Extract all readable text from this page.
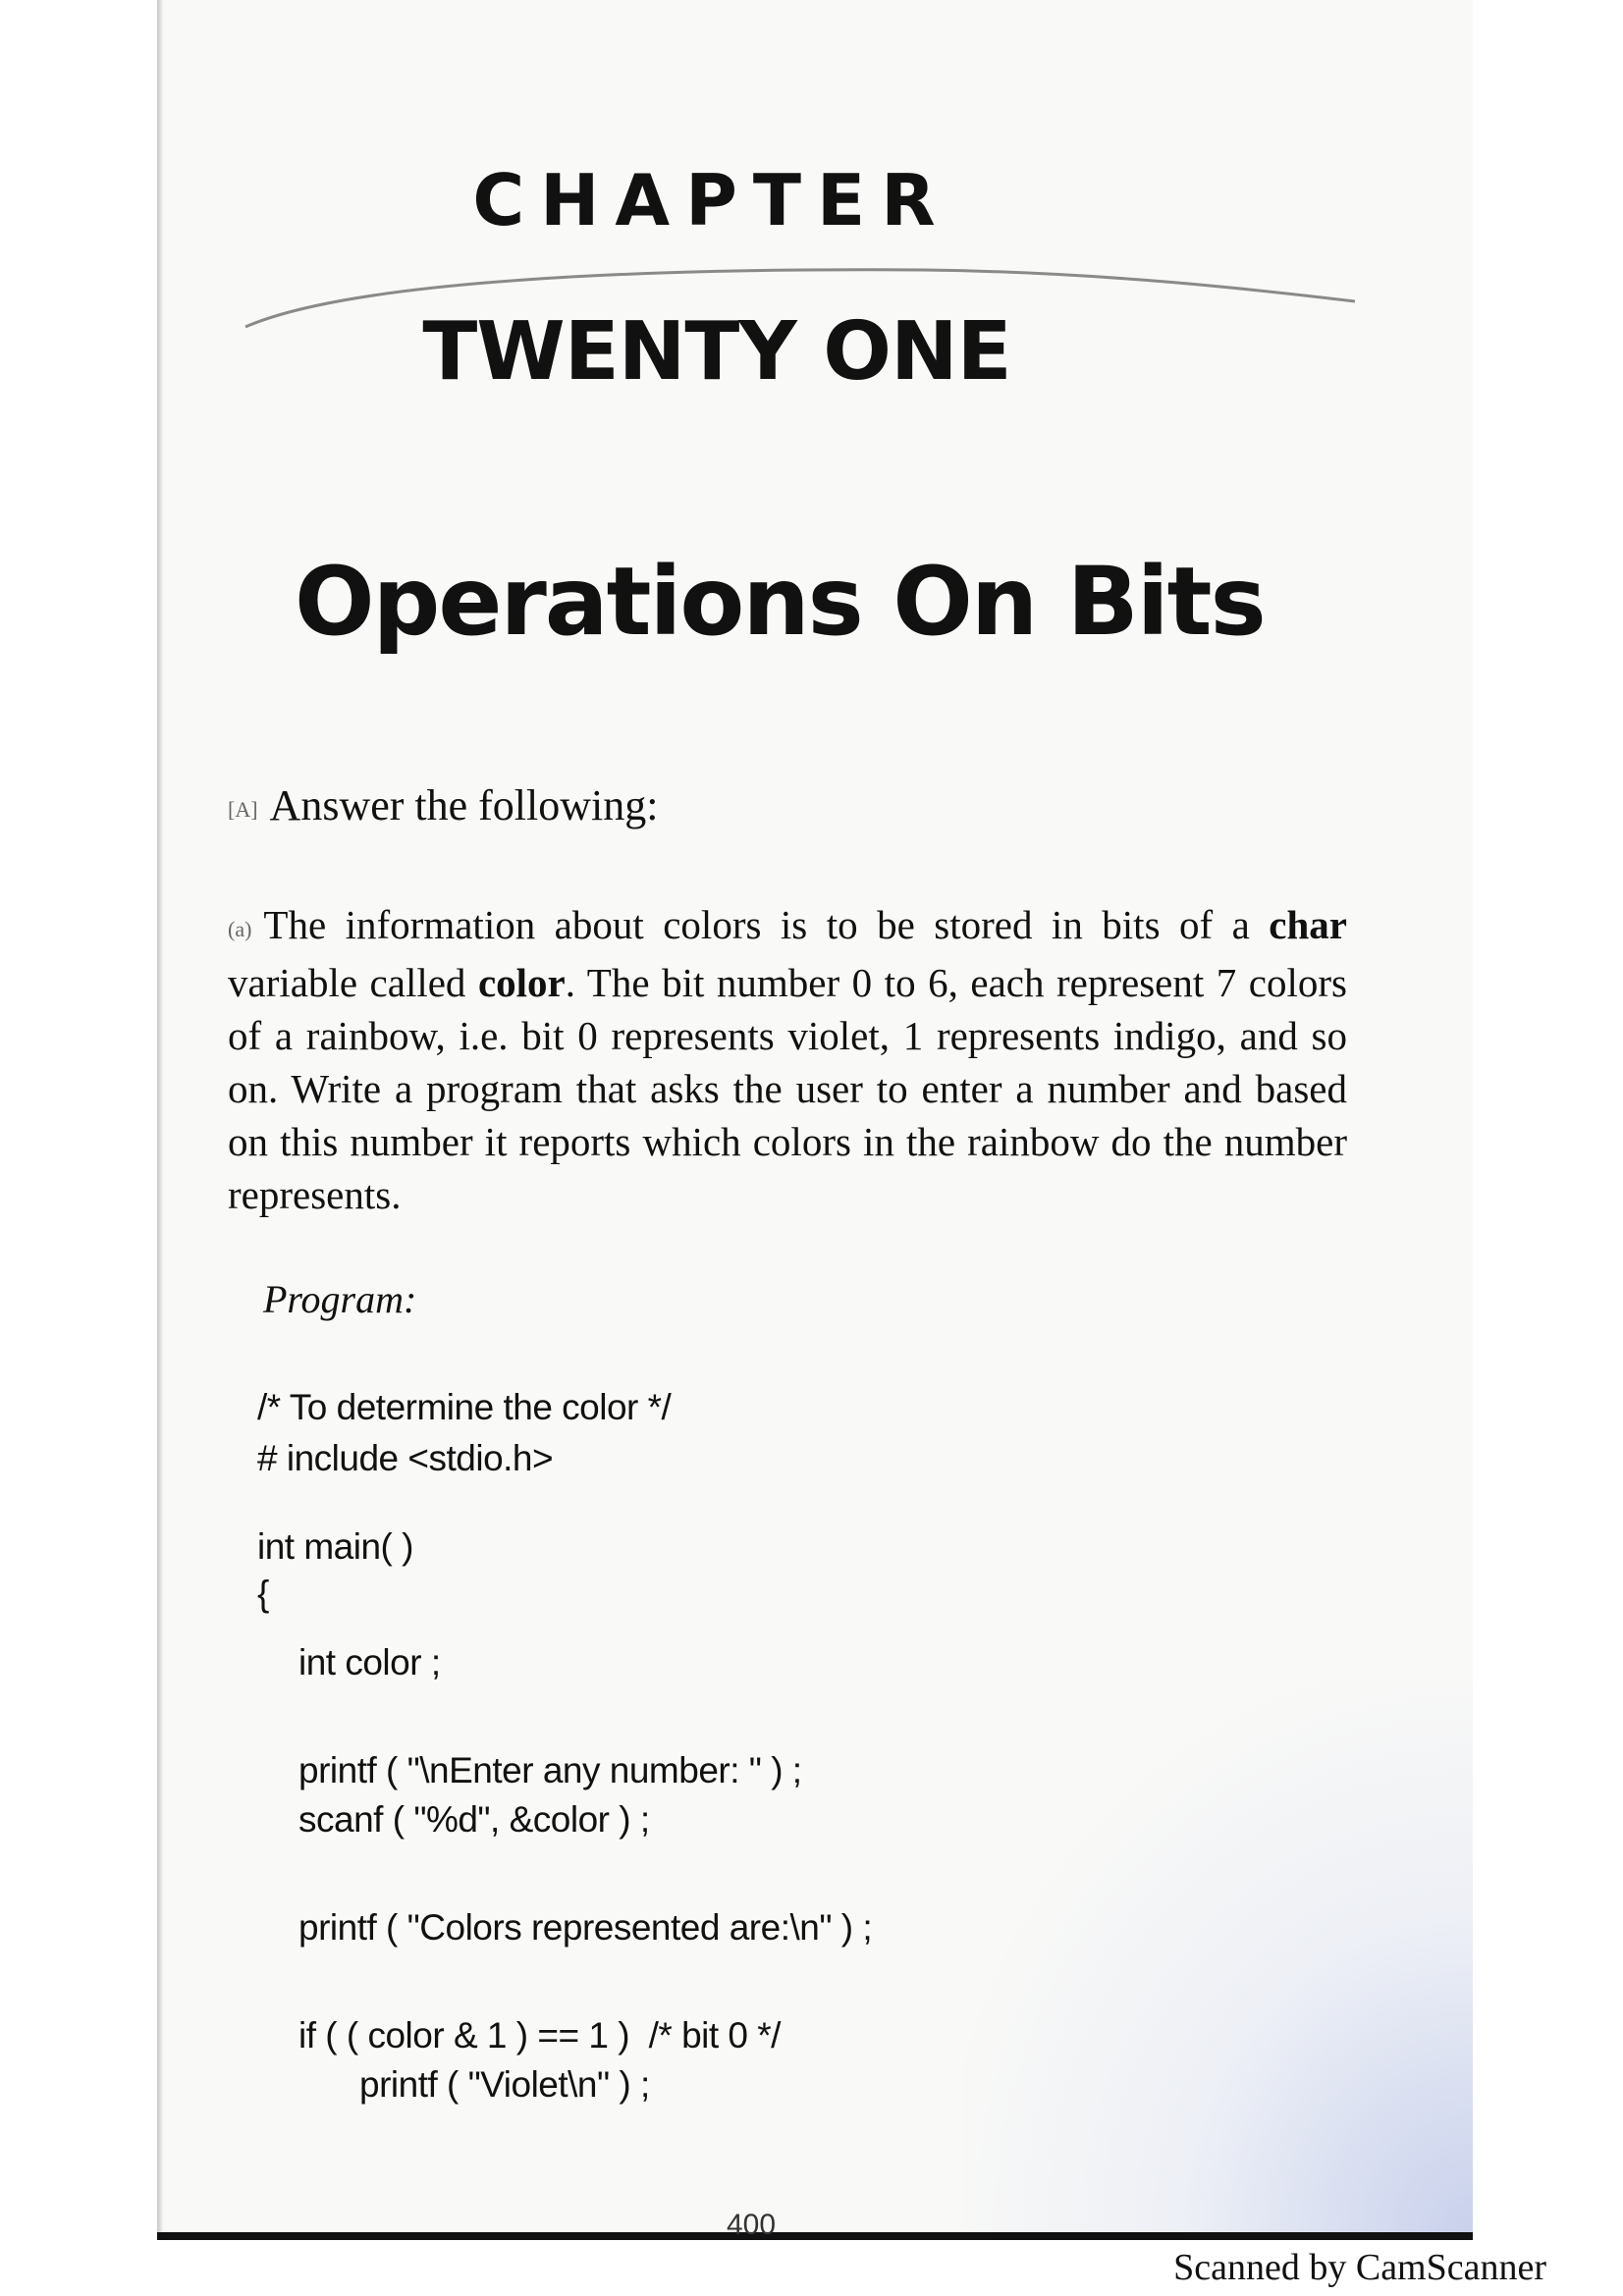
CHAPTER
TWENTY ONE
Operations On Bits
[A] Answer the following:

(a) The information about colors is to be stored in bits of a char variable called color. The bit number 0 to 6, each represent 7 colors of a rainbow, i.e. bit 0 represents violet, 1 represents indigo, and so on. Write a program that asks the user to enter a number and based on this number it reports which colors in the rainbow do the number represents.

Program:

/* To determine the color */
# include <stdio.h>
int main( )
{
int color ;
printf ( "\nEnter any number: " ) ;
scanf ( "%d", &color ) ;
printf ( "Colors represented are:\n" ) ;
if ( ( color & 1 ) == 1 )  /* bit 0 */
printf ( "Violet\n" ) ;
400
Scanned by CamScanner
